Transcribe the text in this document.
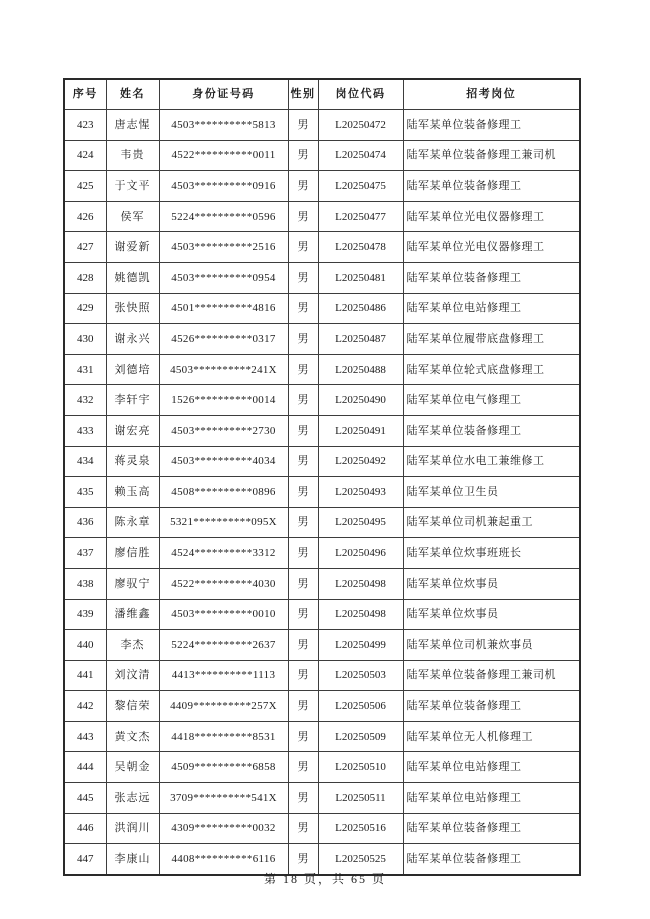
序号	姓名	身份证号码	性别	岗位代码	招考岗位
423	唐志惺	4503**********5813	男	L20250472	陆军某单位装备修理工
424	韦贵	4522**********0011	男	L20250474	陆军某单位装备修理工兼司机
425	于文平	4503**********0916	男	L20250475	陆军某单位装备修理工
426	侯军	5224**********0596	男	L20250477	陆军某单位光电仪器修理工
427	谢爱新	4503**********2516	男	L20250478	陆军某单位光电仪器修理工
428	姚德凯	4503**********0954	男	L20250481	陆军某单位装备修理工
429	张快照	4501**********4816	男	L20250486	陆军某单位电站修理工
430	谢永兴	4526**********0317	男	L20250487	陆军某单位履带底盘修理工
431	刘德培	4503**********241X	男	L20250488	陆军某单位轮式底盘修理工
432	李轩宇	1526**********0014	男	L20250490	陆军某单位电气修理工
433	谢宏亮	4503**********2730	男	L20250491	陆军某单位装备修理工
434	蒋灵泉	4503**********4034	男	L20250492	陆军某单位水电工兼维修工
435	赖玉高	4508**********0896	男	L20250493	陆军某单位卫生员
436	陈永章	5321**********095X	男	L20250495	陆军某单位司机兼起重工
437	廖信胜	4524**********3312	男	L20250496	陆军某单位炊事班班长
438	廖驭宁	4522**********4030	男	L20250498	陆军某单位炊事员
439	潘维鑫	4503**********0010	男	L20250498	陆军某单位炊事员
440	李杰	5224**********2637	男	L20250499	陆军某单位司机兼炊事员
441	刘汶清	4413**********1113	男	L20250503	陆军某单位装备修理工兼司机
442	黎信荣	4409**********257X	男	L20250506	陆军某单位装备修理工
443	黄文杰	4418**********8531	男	L20250509	陆军某单位无人机修理工
444	吴朝金	4509**********6858	男	L20250510	陆军某单位电站修理工
445	张志远	3709**********541X	男	L20250511	陆军某单位电站修理工
446	洪润川	4309**********0032	男	L20250516	陆军某单位装备修理工
447	李康山	4408**********6116	男	L20250525	陆军某单位装备修理工
第 18 页，共 65 页
